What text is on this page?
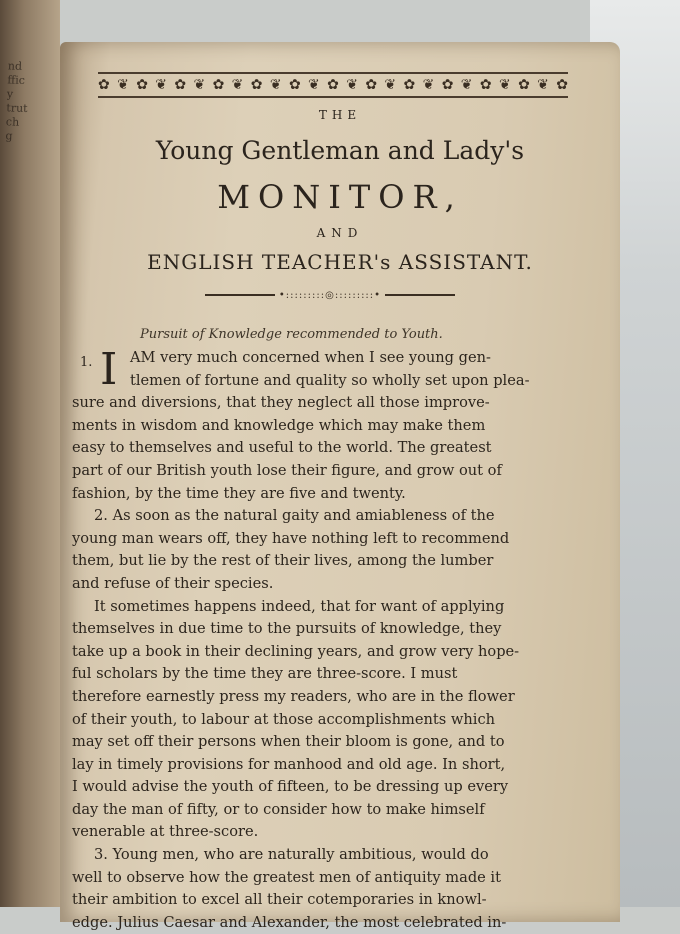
nd
ffic
y
trut
ch
g
✿ ❦ ✿ ❦ ✿ ❦ ✿ ❦ ✿ ❦ ✿ ❦ ✿ ❦ ✿ ❦ ✿ ❦ ✿ ❦ ✿ ❦ ✿ ❦ ✿
THE
Young Gentleman and Lady's
MONITOR,
AND
ENGLISH TEACHER's ASSISTANT.
•:::::::::◎:::::::::•
Pursuit of Knowledge recommended to Youth.
1. I AM very much concerned when I see young gen-
tlemen of fortune and quality so wholly set upon plea-
sure and diversions, that they neglect all those improve-
ments in wisdom and knowledge which may make them
easy to themselves and useful to the world. The greatest
part of our British youth lose their figure, and grow out of
fashion, by the time they are five and twenty.
2. As soon as the natural gaity and amiableness of the
young man wears off, they have nothing left to recommend
them, but lie by the rest of their lives, among the lumber
and refuse of their species.
It sometimes happens indeed, that for want of applying
themselves in due time to the pursuits of knowledge, they
take up a book in their declining years, and grow very hope-
ful scholars by the time they are three-score. I must
therefore earnestly press my readers, who are in the flower
of their youth, to labour at those accomplishments which
may set off their persons when their bloom is gone, and to
lay in timely provisions for manhood and old age. In short,
I would advise the youth of fifteen, to be dressing up every
day the man of fifty, or to consider how to make himself
venerable at three-score.
3. Young men, who are naturally ambitious, would do
well to observe how the greatest men of antiquity made it
their ambition to excel all their cotemporaries in knowl-
edge. Julius Caesar and Alexander, the most celebrated in-
